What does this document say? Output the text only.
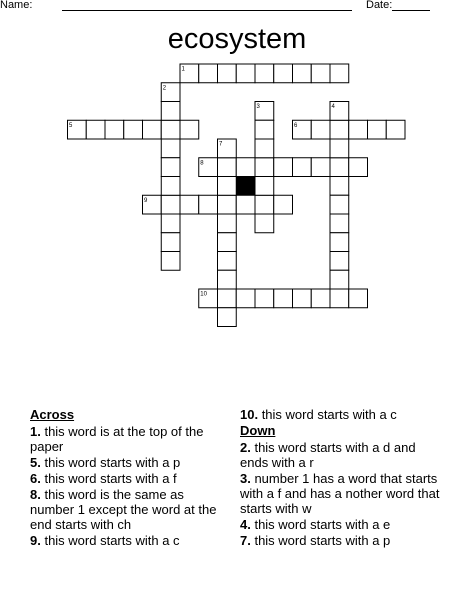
Name:	Date:
ecosystem
1
2
3	4
5	6
7
8
9
10
Across
1. this word is at the top of the paper
5. this word starts with a p
6. this word starts with a f
8. this word is the same as number 1 except the word at the end starts with ch
9. this word starts with a c
10. this word starts with a c
Down
2. this word starts with a d and ends with a r
3. number 1 has a word that starts with a f and has a nother word that starts with w
4. this word starts with a e
7. this word starts with a p
